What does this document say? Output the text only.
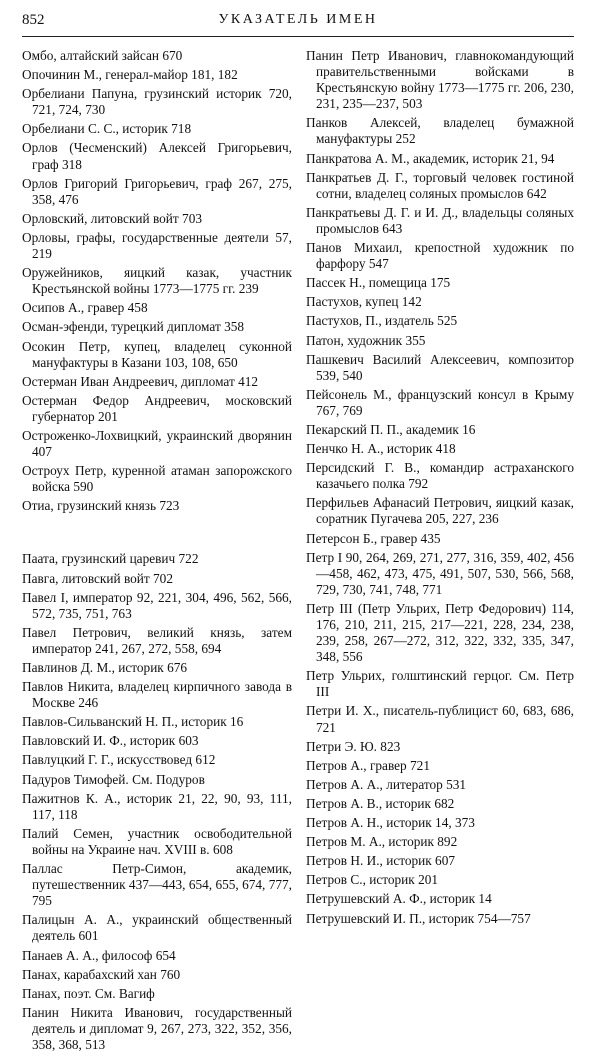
852	УКАЗАТЕЛЬ ИМЕН
Омбо, алтайский зайсан 670
Опочинин М., генерал-майор 181, 182
Орбелиани Папуна, грузинский историк 720, 721, 724, 730
Орбелиани С. С., историк 718
Орлов (Чесменский) Алексей Григорьевич, граф 318
Орлов Григорий Григорьевич, граф 267, 275, 358, 476
Орловский, литовский войт 703
Орловы, графы, государственные деятели 57, 219
Оружейников, яицкий казак, участник Крестьянской войны 1773—1775 гг. 239
Осипов А., гравер 458
Осман-эфенди, турецкий дипломат 358
Осокин Петр, купец, владелец суконной мануфактуры в Казани 103, 108, 650
Остерман Иван Андреевич, дипломат 412
Остерман Федор Андреевич, московский губернатор 201
Остроженко-Лохвицкий, украинский дворянин 407
Остроух Петр, куренной атаман запорожского войска 590
Отиа, грузинский князь 723
Паата, грузинский царевич 722
Павга, литовский войт 702
Павел I, император 92, 221, 304, 496, 562, 566, 572, 735, 751, 763
Павел Петрович, великий князь, затем император 241, 267, 272, 558, 694
Павлинов Д. М., историк 676
Павлов Никита, владелец кирпичного завода в Москве 246
Павлов-Сильванский Н. П., историк 16
Павловский И. Ф., историк 603
Павлуцкий Г. Г., искусствовед 612
Падуров Тимофей. См. Подуров
Пажитнов К. А., историк 21, 22, 90, 93, 111, 117, 118
Палий Семен, участник освободительной войны на Украине нач. XVIII в. 608
Паллас Петр-Симон, академик, путешественник 437—443, 654, 655, 674, 777, 795
Палицын А. А., украинский общественный деятель 601
Панаев А. А., философ 654
Панах, карабахский хан 760
Панах, поэт. См. Вагиф
Панин Никита Иванович, государственный деятель и дипломат 9, 267, 273, 322, 352, 356, 358, 368, 513
Панин Петр Иванович, главнокомандующий правительственными войсками в Крестьянскую войну 1773—1775 гг. 206, 230, 231, 235—237, 503
Панков Алексей, владелец бумажной мануфактуры 252
Панкратова А. М., академик, историк 21, 94
Панкратьев Д. Г., торговый человек гостиной сотни, владелец соляных промыслов 642
Панкратьевы Д. Г. и И. Д., владельцы соляных промыслов 643
Панов Михаил, крепостной художник по фарфору 547
Пассек Н., помещица 175
Пастухов, купец 142
Пастухов, П., издатель 525
Патон, художник 355
Пашкевич Василий Алексеевич, композитор 539, 540
Пейсонель М., французский консул в Крыму 767, 769
Пекарский П. П., академик 16
Пенчко Н. А., историк 418
Персидский Г. В., командир астраханского казачьего полка 792
Перфильев Афанасий Петрович, яицкий казак, соратник Пугачева 205, 227, 236
Петерсон Б., гравер 435
Петр I 90, 264, 269, 271, 277, 316, 359, 402, 456—458, 462, 473, 475, 491, 507, 530, 566, 568, 729, 730, 741, 748, 771
Петр III (Петр Ульрих, Петр Федорович) 114, 176, 210, 211, 215, 217—221, 228, 234, 238, 239, 258, 267—272, 312, 322, 332, 335, 347, 348, 556
Петр Ульрих, голштинский герцог. См. Петр III
Петри И. Х., писатель-публицист 60, 683, 686, 721
Петри Э. Ю. 823
Петров А., гравер 721
Петров А. А., литератор 531
Петров А. В., историк 682
Петров А. Н., историк 14, 373
Петров М. А., историк 892
Петров Н. И., историк 607
Петров С., историк 201
Петрушевский А. Ф., историк 14
Петрушевский И. П., историк 754—757
